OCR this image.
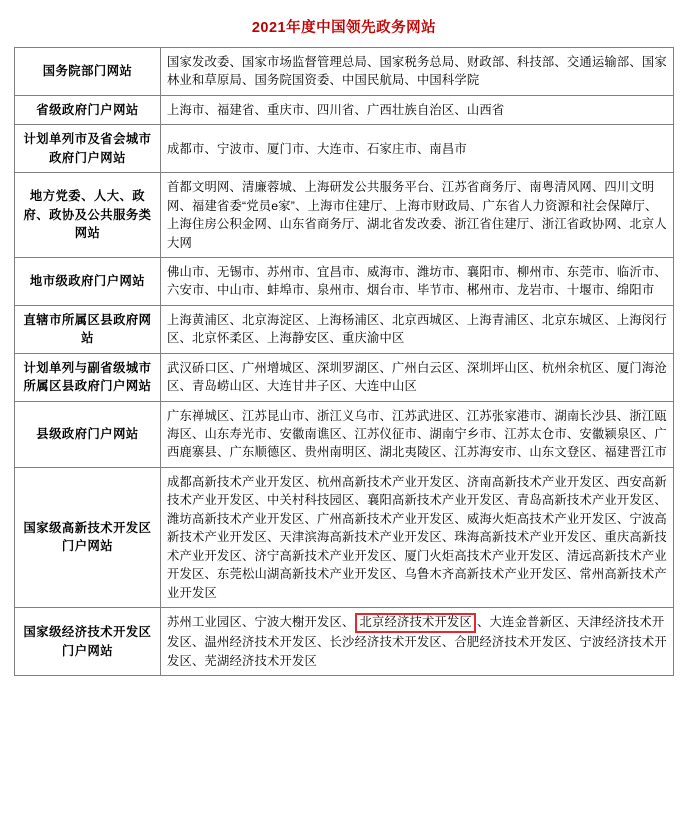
2021年度中国领先政务网站
国务院部门网站	国家发改委、国家市场监督管理总局、国家税务总局、财政部、科技部、交通运输部、国家林业和草原局、国务院国资委、中国民航局、中国科学院
省级政府门户网站	上海市、福建省、重庆市、四川省、广西壮族自治区、山西省
计划单列市及省会城市政府门户网站	成都市、宁波市、厦门市、大连市、石家庄市、南昌市
地方党委、人大、政府、政协及公共服务类网站	首都文明网、清廉蓉城、上海研发公共服务平台、江苏省商务厅、南粤清风网、四川文明网、福建省委“党员e家”、上海市住建厅、上海市财政局、广东省人力资源和社会保障厅、上海住房公积金网、山东省商务厅、湖北省发改委、浙江省住建厅、浙江省政协网、北京人大网
地市级政府门户网站	佛山市、无锡市、苏州市、宜昌市、威海市、潍坊市、襄阳市、柳州市、东莞市、临沂市、六安市、中山市、蚌埠市、泉州市、烟台市、毕节市、郴州市、龙岩市、十堰市、绵阳市
直辖市所属区县政府网站	上海黄浦区、北京海淀区、上海杨浦区、北京西城区、上海青浦区、北京东城区、上海闵行区、北京怀柔区、上海静安区、重庆渝中区
计划单列与副省级城市所属区县政府门户网站	武汉硚口区、广州增城区、深圳罗湖区、广州白云区、深圳坪山区、杭州余杭区、厦门海沧区、青岛崂山区、大连甘井子区、大连中山区
县级政府门户网站	广东禅城区、江苏昆山市、浙江义乌市、江苏武进区、江苏张家港市、湖南长沙县、浙江瓯海区、山东寿光市、安徽南谯区、江苏仪征市、湖南宁乡市、江苏太仓市、安徽颍泉区、广西鹿寨县、广东顺德区、贵州南明区、湖北夷陵区、江苏海安市、山东文登区、福建晋江市
国家级高新技术开发区门户网站	成都高新技术产业开发区、杭州高新技术产业开发区、济南高新技术产业开发区、西安高新技术产业开发区、中关村科技园区、襄阳高新技术产业开发区、青岛高新技术产业开发区、潍坊高新技术产业开发区、广州高新技术产业开发区、威海火炬高技术产业开发区、宁波高新技术产业开发区、天津滨海高新技术产业开发区、珠海高新技术产业开发区、重庆高新技术产业开发区、济宁高新技术产业开发区、厦门火炬高技术产业开发区、清远高新技术产业开发区、东莞松山湖高新技术产业开发区、乌鲁木齐高新技术产业开发区、常州高新技术产业开发区
国家级经济技术开发区门户网站	苏州工业园区、宁波大榭开发区、 北京经济技术开发区 、大连金普新区、天津经济技术开发区、温州经济技术开发区、长沙经济技术开发区、合肥经济技术开发区、宁波经济技术开发区、芜湖经济技术开发区
